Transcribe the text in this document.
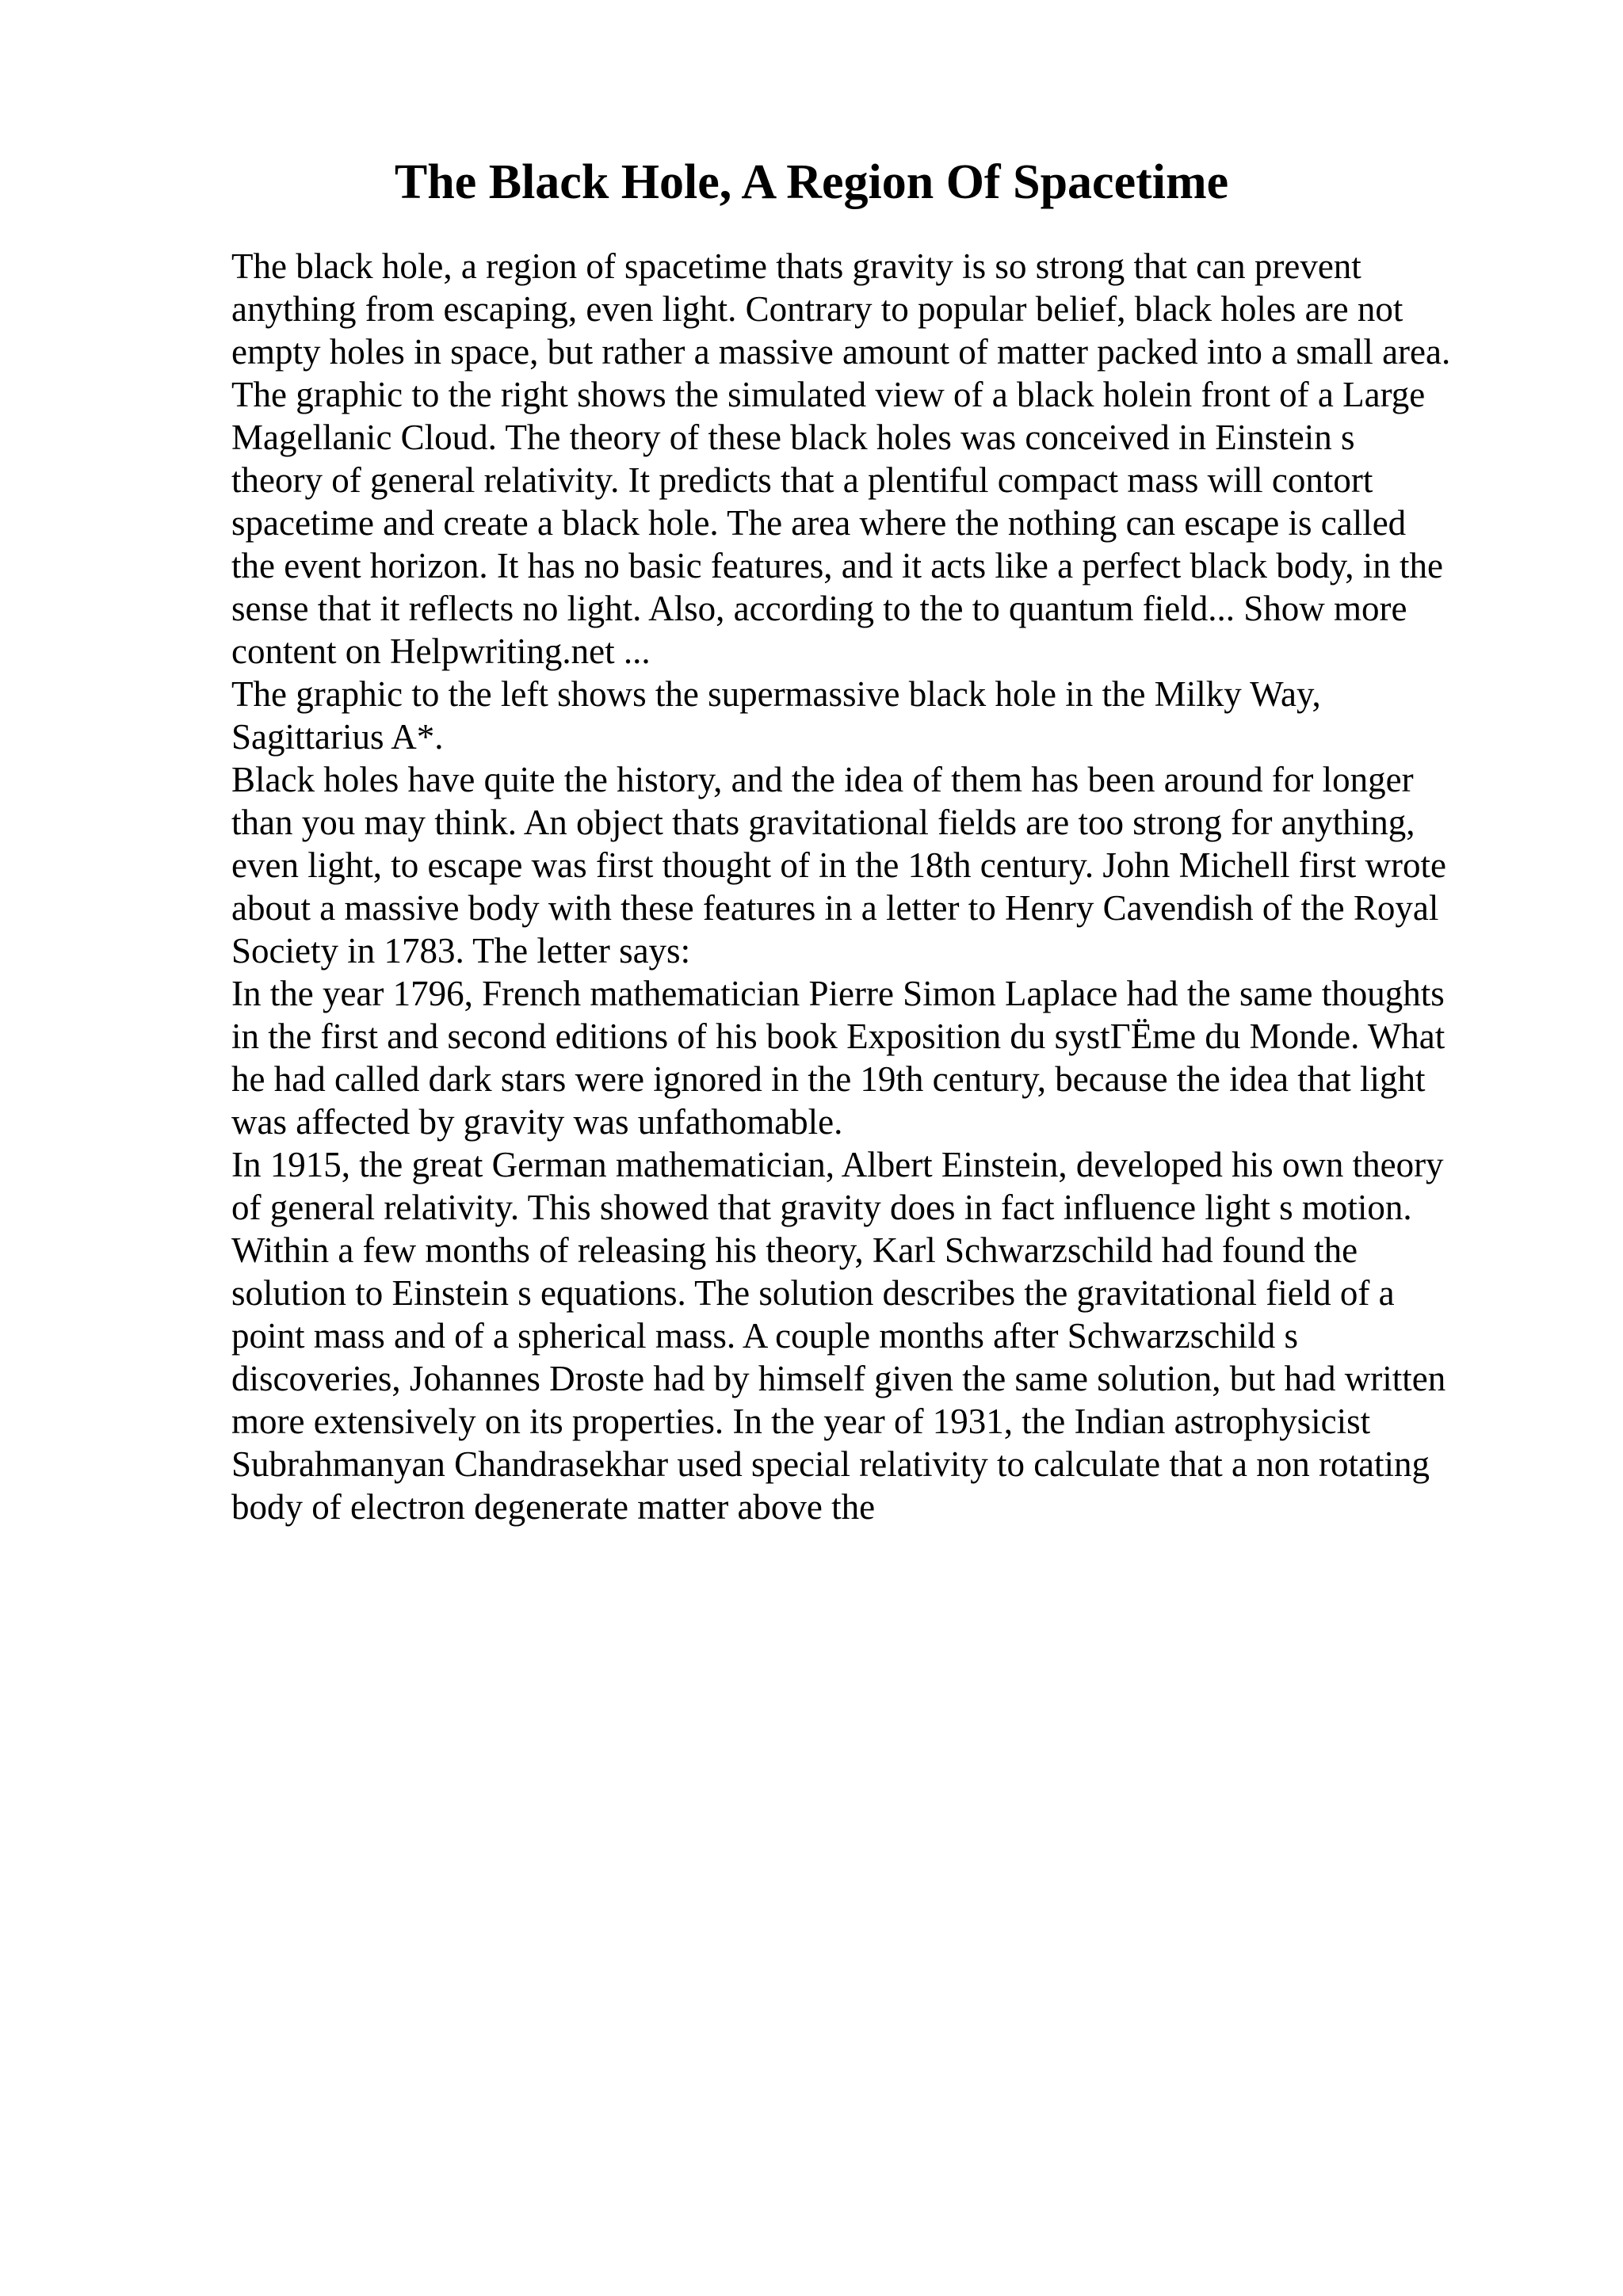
The Black Hole, A Region Of Spacetime

The black hole, a region of spacetime thats gravity is so strong that can prevent
anything from escaping, even light. Contrary to popular belief, black holes are not
empty holes in space, but rather a massive amount of matter packed into a small area.
The graphic to the right shows the simulated view of a black holein front of a Large
Magellanic Cloud. The theory of these black holes was conceived in Einstein s
theory of general relativity. It predicts that a plentiful compact mass will contort
spacetime and create a black hole. The area where the nothing can escape is called
the event horizon. It has no basic features, and it acts like a perfect black body, in the
sense that it reflects no light. Also, according to the to quantum field... Show more
content on Helpwriting.net ...

The graphic to the left shows the supermassive black hole in the Milky Way,
Sagittarius A*.

Black holes have quite the history, and the idea of them has been around for longer
than you may think. An object thats gravitational fields are too strong for anything,
even light, to escape was first thought of in the 18th century. John Michell first wrote
about a massive body with these features in a letter to Henry Cavendish of the Royal
Society in 1783. The letter says:

In the year 1796, French mathematician Pierre Simon Laplace had the same thoughts
in the first and second editions of his book Exposition du systΓËme du Monde. What
he had called dark stars were ignored in the 19th century, because the idea that light
was affected by gravity was unfathomable.

In 1915, the great German mathematician, Albert Einstein, developed his own theory
of general relativity. This showed that gravity does in fact influence light s motion.
Within a few months of releasing his theory, Karl Schwarzschild had found the
solution to Einstein s equations. The solution describes the gravitational field of a
point mass and of a spherical mass. A couple months after Schwarzschild s
discoveries, Johannes Droste had by himself given the same solution, but had written
more extensively on its properties. In the year of 1931, the Indian astrophysicist
Subrahmanyan Chandrasekhar used special relativity to calculate that a non rotating
body of electron degenerate matter above the
